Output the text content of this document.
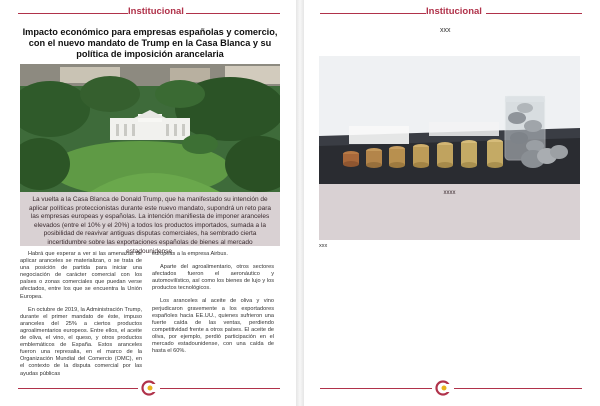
Institucional
Impacto económico para empresas españolas y comercio, con el nuevo mandato de Trump en la Casa Blanca y su política de imposición arancelaria
La vuelta a la Casa Blanca de Donald Trump, que ha manifestado su intención de aplicar políticas proteccionistas durante este nuevo mandato, supondrá un reto para las empresas europeas y españolas. La intención manifiesta de imponer aranceles elevados (entre el 10% y el 20%) a todos los productos importados, sumada a la posibilidad de reavivar antiguas disputas comerciales, ha sembrado cierta incertidumbre sobre las exportaciones españolas de bienes al mercado estadounidense.

Habrá que esperar a ver si las amenazas de aplicar aranceles se materializan, o se trata de una posición de partida para iniciar una negociación de carácter comercial con los países o zonas comerciales que puedan verse afectados, entre los que se encuentra la Unión Europea.

En octubre de 2019, la Administración Trump, durante el primer mandato de éste, impuso aranceles del 25% a ciertos productos agroalimentarios europeos. Entre ellos, el aceite de oliva, el vino, el queso, y otros productos emblemáticos de España. Estos aranceles fueron una represalia, en el marco de la Organización Mundial del Comercio (OMC), en el contexto de la disputa comercial por las ayudas públicas

europeas a la empresa Airbus.

Aparte del agroalimentario, otros sectores afectados fueron el aeronáutico y automovilístico, así como los bienes de lujo y los productos tecnológicos.

Los aranceles al aceite de oliva y vino perjudicaron gravemente a los exportadores españoles hacia EE.UU., quienes sufrieron una fuerte caída de las ventas, perdiendo competitividad frente a otros países. El aceite de oliva, por ejemplo, perdió participación en el mercado estadounidense, con una caída de hasta el 60%.

Institucional
xxx
xxxx
xxx
